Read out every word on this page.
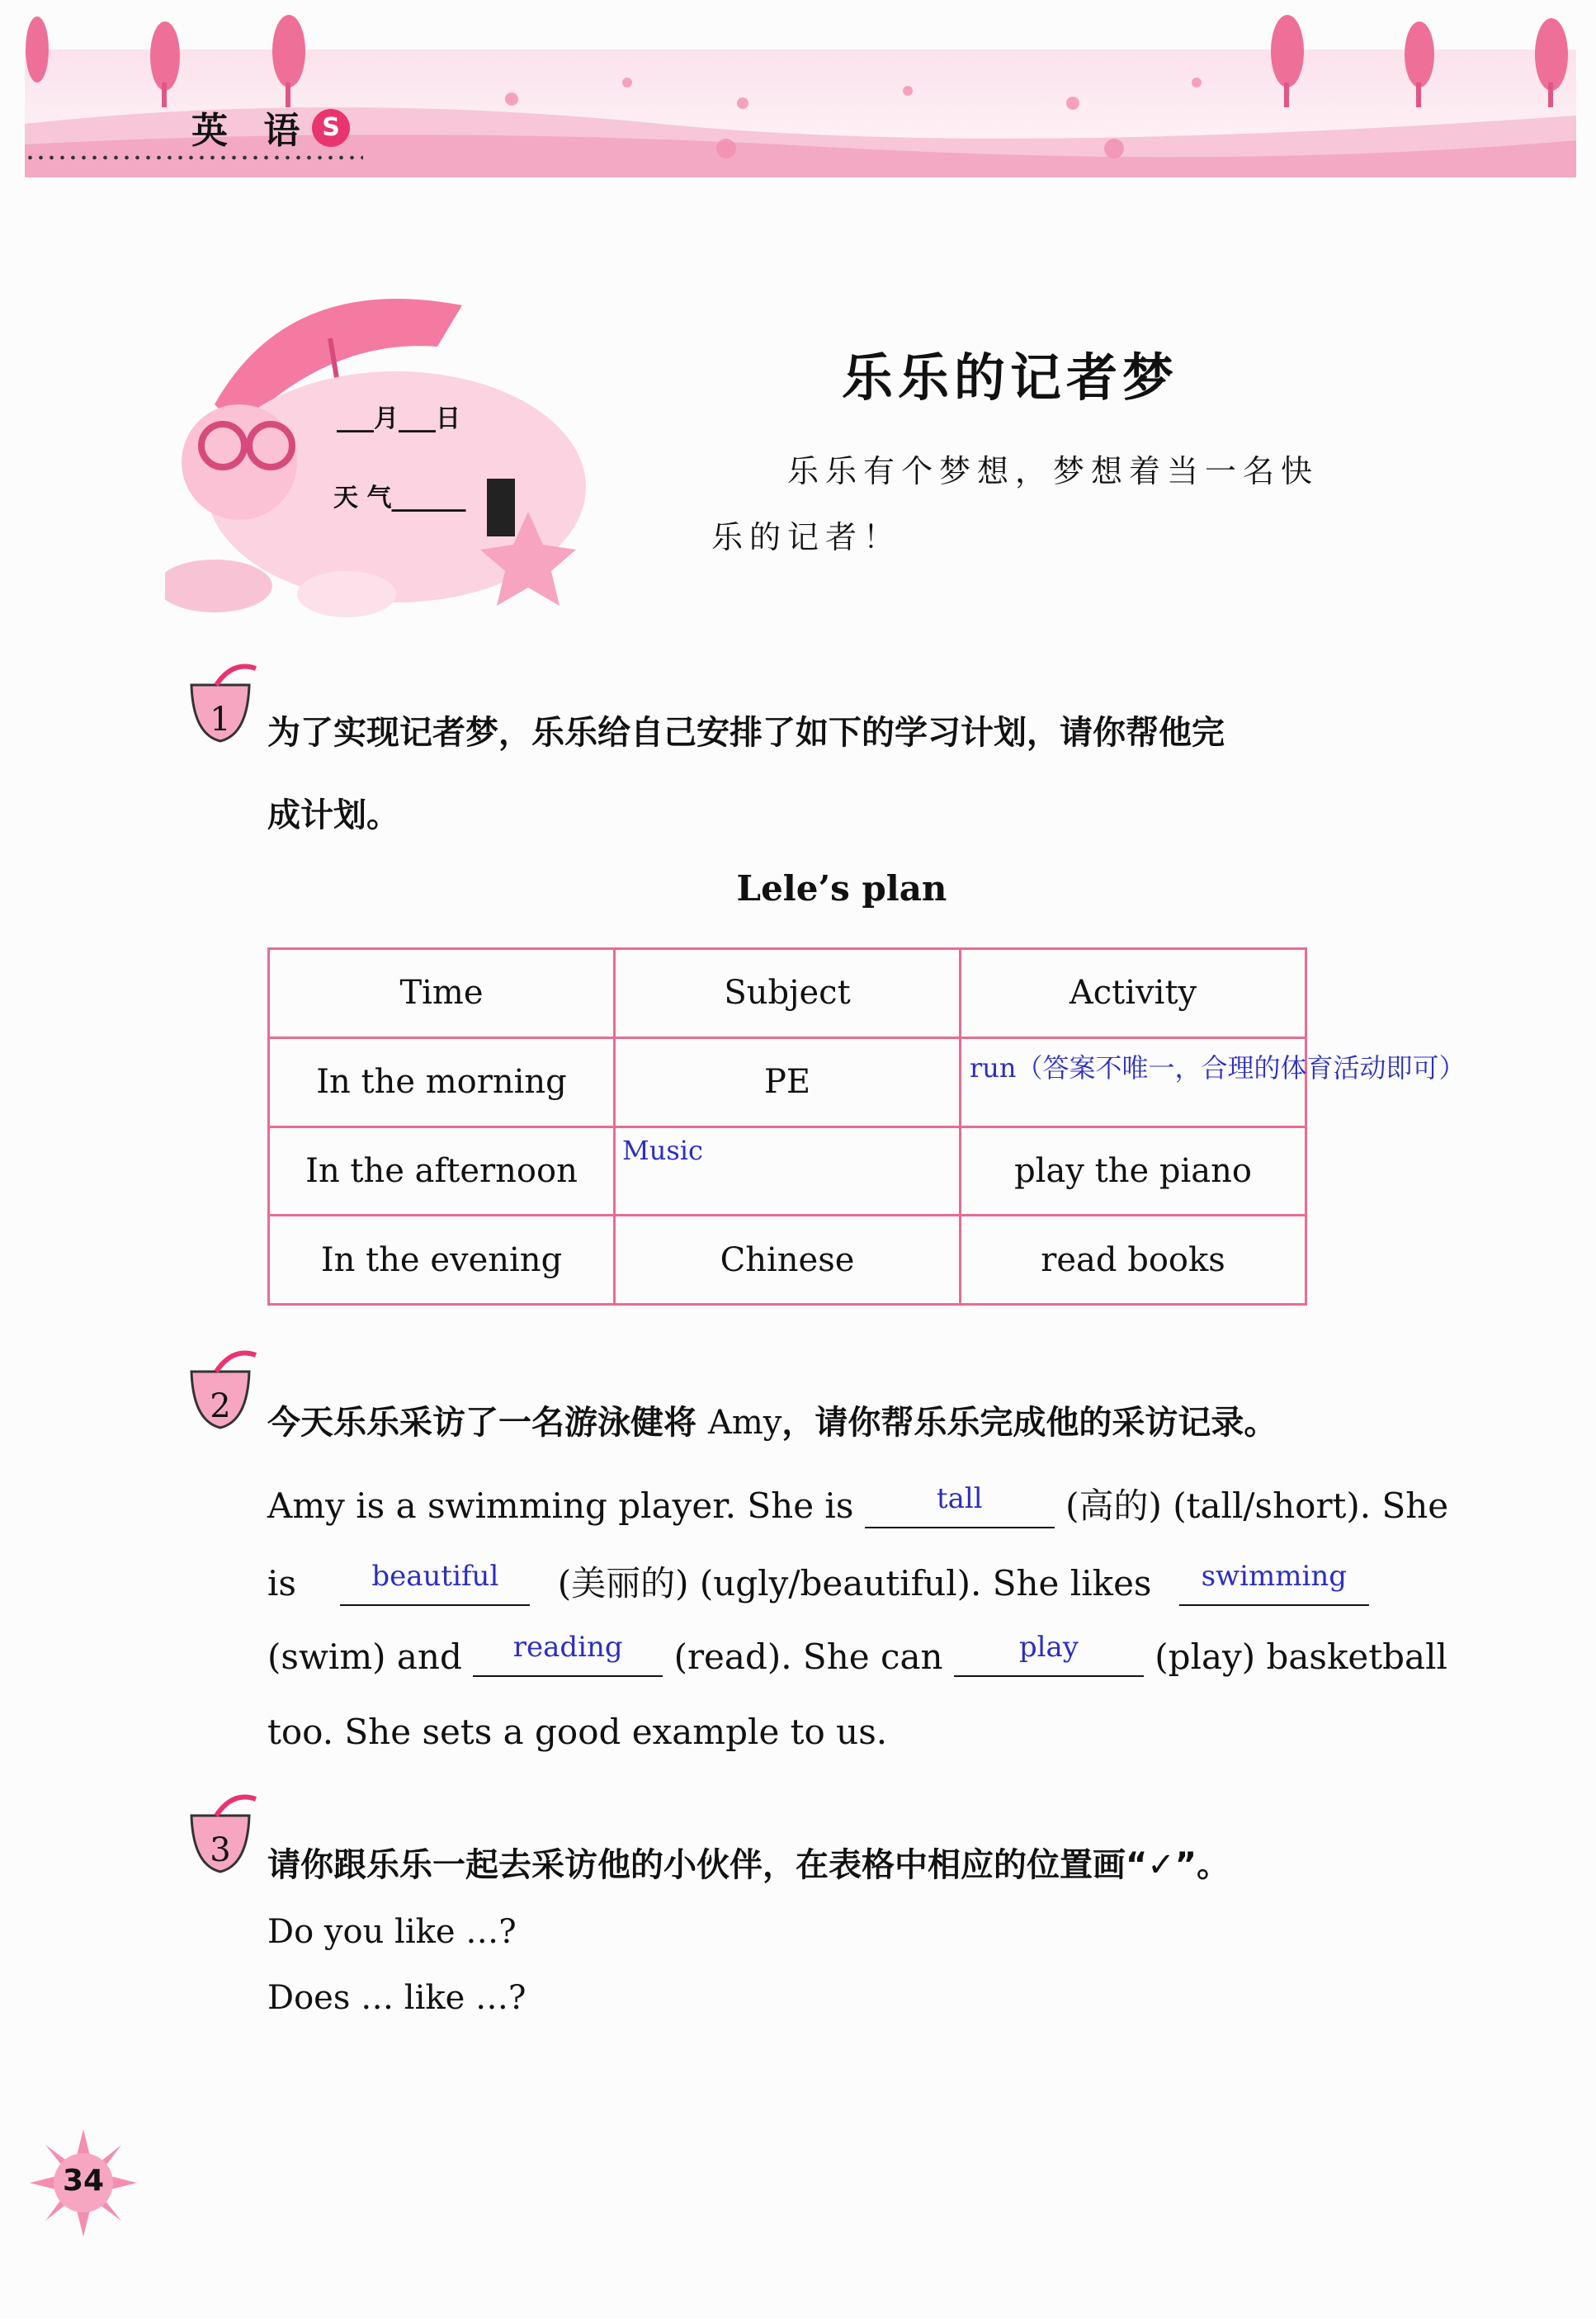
英 语 S
___月___日
天 气______
乐乐的记者梦
乐乐有个梦想，梦想着当一名快
乐的记者！
1 为了实现记者梦，乐乐给自己安排了如下的学习计划，请你帮他完
成计划。
Lele’s plan
Time	Subject	Activity
In the morning	PE	run（答案不唯一，合理的体育活动即可）

In the afternoon	Music	play the piano
In the evening	Chinese	read books
2 今天乐乐采访了一名游泳健将 Amy，请你帮乐乐完成他的采访记录。
Amy is a swimming player. She is	tall	(高的) (tall/short). She
is	beautiful	(美丽的) (ugly/beautiful). She likes	swimming
(swim) and	reading	(read). She can	play	(play) basketball
too. She sets a good example to us.
3 请你跟乐乐一起去采访他的小伙伴，在表格中相应的位置画“✓”。
Do you like …?
Does … like …?
34
